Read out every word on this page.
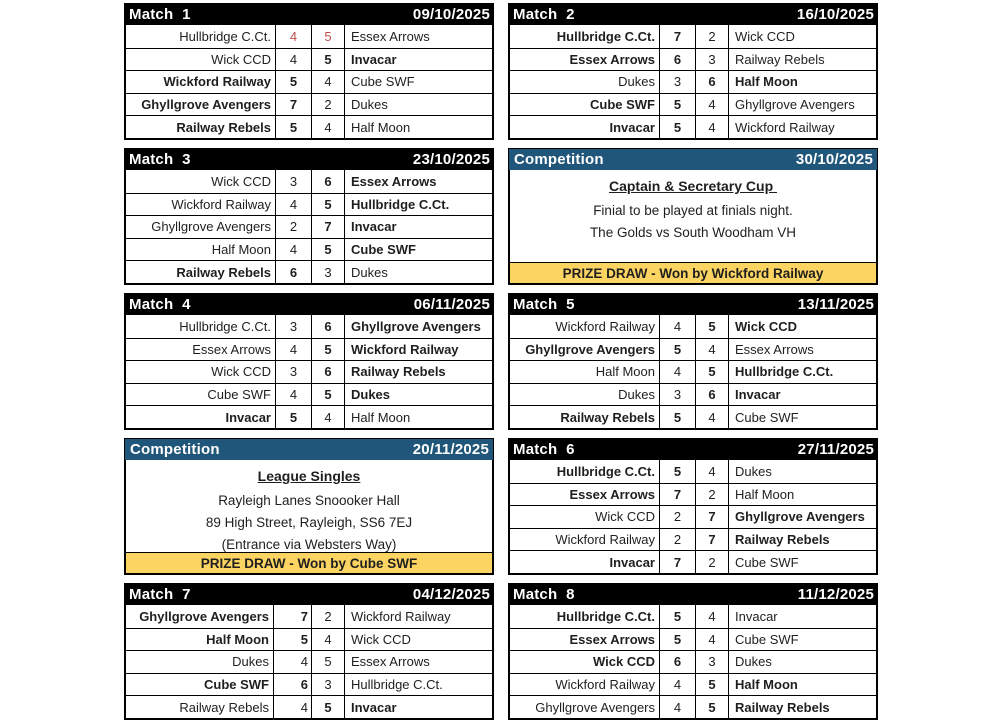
Match  1	09/10/2025
Hullbridge C.Ct.	4	5	Essex Arrows
Wick CCD	4	5	Invacar
Wickford Railway	5	4	Cube SWF
Ghyllgrove Avengers	7	2	Dukes
Railway Rebels	5	4	Half Moon
Match  2	16/10/2025
Hullbridge C.Ct.	7	2	Wick CCD
Essex Arrows	6	3	Railway Rebels
Dukes	3	6	Half Moon
Cube SWF	5	4	Ghyllgrove Avengers
Invacar	5	4	Wickford Railway
Match  3	23/10/2025
Wick CCD	3	6	Essex Arrows
Wickford Railway	4	5	Hullbridge C.Ct.
Ghyllgrove Avengers	2	7	Invacar
Half Moon	4	5	Cube SWF
Railway Rebels	6	3	Dukes
Competition	30/10/2025
Captain & Secretary Cup
Finial to be played at finials night.
The Golds vs South Woodham VH
PRIZE DRAW - Won by Wickford Railway
Match  4	06/11/2025
Hullbridge C.Ct.	3	6	Ghyllgrove Avengers
Essex Arrows	4	5	Wickford Railway
Wick CCD	3	6	Railway Rebels
Cube SWF	4	5	Dukes
Invacar	5	4	Half Moon
Match  5	13/11/2025
Wickford Railway	4	5	Wick CCD
Ghyllgrove Avengers	5	4	Essex Arrows
Half Moon	4	5	Hullbridge C.Ct.
Dukes	3	6	Invacar
Railway Rebels	5	4	Cube SWF
Competition	20/11/2025
League Singles
Rayleigh Lanes Snoooker Hall
89 High Street, Rayleigh, SS6 7EJ
(Entrance via Websters Way)
PRIZE DRAW - Won by Cube SWF
Match  6	27/11/2025
Hullbridge C.Ct.	5	4	Dukes
Essex Arrows	7	2	Half Moon
Wick CCD	2	7	Ghyllgrove Avengers
Wickford Railway	2	7	Railway Rebels
Invacar	7	2	Cube SWF
Match  7	04/12/2025
Ghyllgrove Avengers	7	2	Wickford Railway
Half Moon	5	4	Wick CCD
Dukes	4	5	Essex Arrows
Cube SWF	6	3	Hullbridge C.Ct.
Railway Rebels	4	5	Invacar
Match  8	11/12/2025
Hullbridge C.Ct.	5	4	Invacar
Essex Arrows	5	4	Cube SWF
Wick CCD	6	3	Dukes
Wickford Railway	4	5	Half Moon
Ghyllgrove Avengers	4	5	Railway Rebels
